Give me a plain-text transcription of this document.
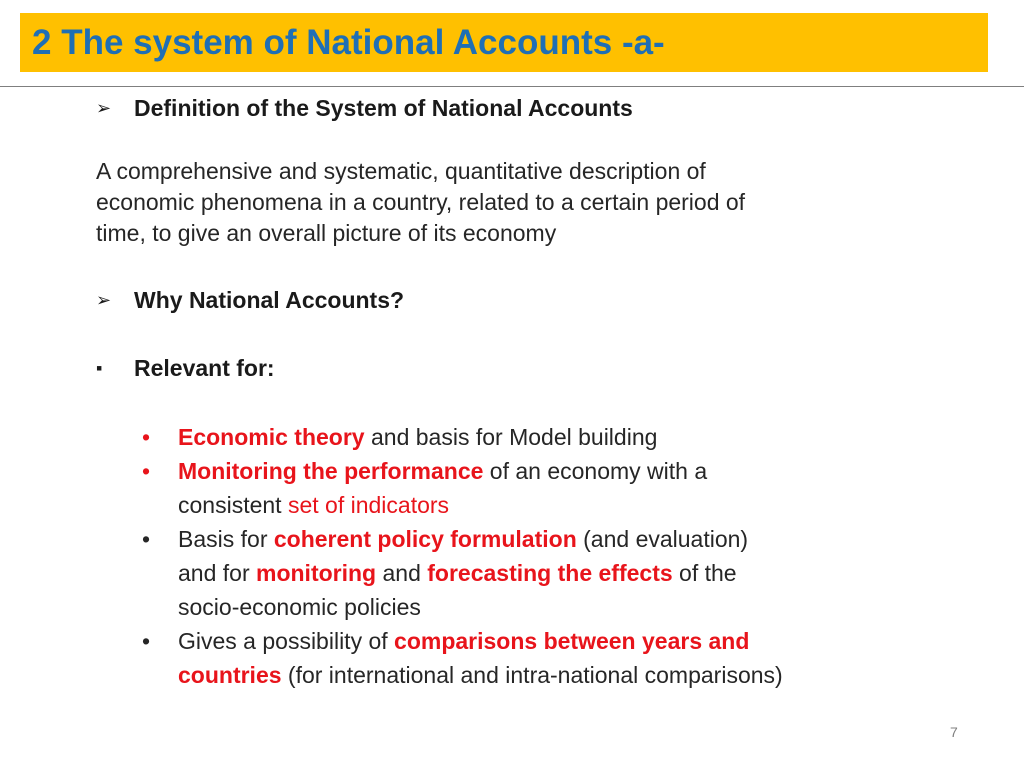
2 The system of National Accounts -a-
➢ Definition of the System of National Accounts
A comprehensive and systematic, quantitative description of
economic phenomena in a country, related to a certain period of
time, to give an overall picture of its economy
➢ Why National Accounts?
▪ Relevant for:
• Economic theory and basis for Model building
• Monitoring the performance of an economy with a
consistent set of indicators
• Basis for coherent policy formulation (and evaluation)
and for monitoring and forecasting the effects of the
socio-economic policies
• Gives a possibility of comparisons between years and
countries (for international and intra-national comparisons)
7
